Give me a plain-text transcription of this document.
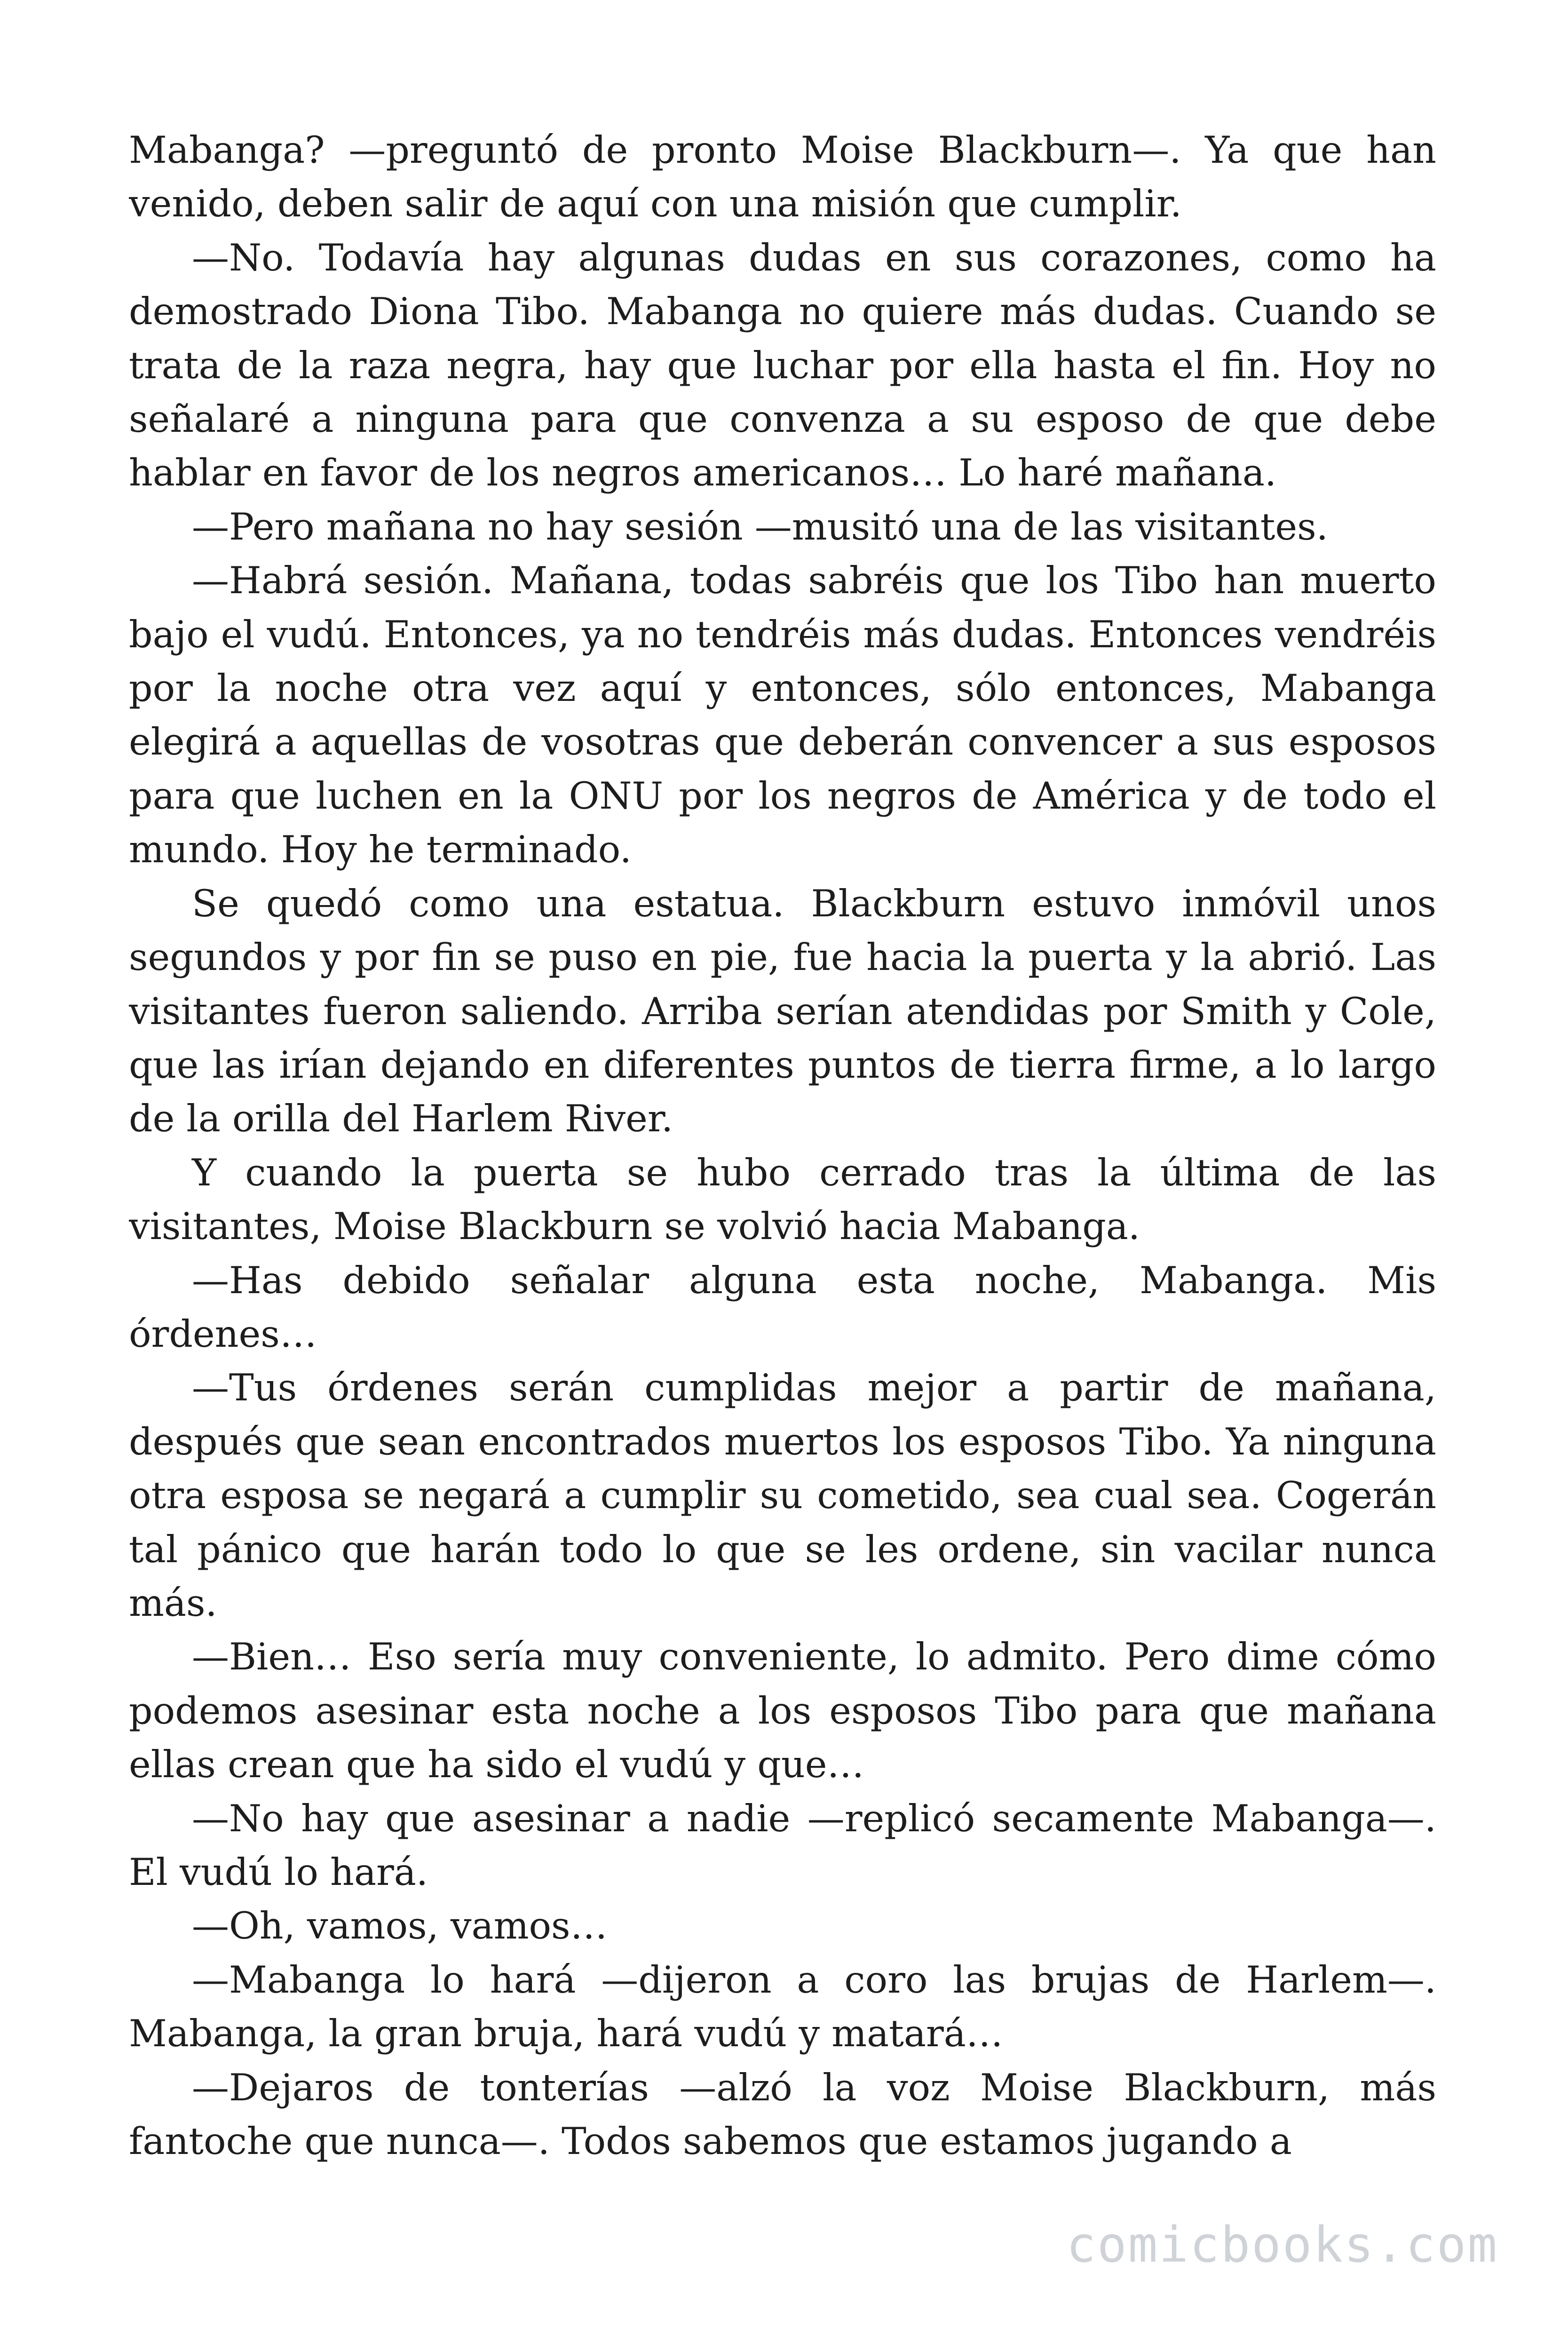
Mabanga? —preguntó de pronto Moise Blackburn—. Ya que han venido, deben salir de aquí con una misión que cumplir.

—No. Todavía hay algunas dudas en sus corazones, como ha demostrado Diona Tibo. Mabanga no quiere más dudas. Cuando se trata de la raza negra, hay que luchar por ella hasta el fin. Hoy no señalaré a ninguna para que convenza a su esposo de que debe hablar en favor de los negros americanos… Lo haré mañana.

—Pero mañana no hay sesión —musitó una de las visitantes.

—Habrá sesión. Mañana, todas sabréis que los Tibo han muerto bajo el vudú. Entonces, ya no tendréis más dudas. Entonces vendréis por la noche otra vez aquí y entonces, sólo entonces, Mabanga elegirá a aquellas de vosotras que deberán convencer a sus esposos para que luchen en la ONU por los negros de América y de todo el mundo. Hoy he terminado.

Se quedó como una estatua. Blackburn estuvo inmóvil unos segundos y por fin se puso en pie, fue hacia la puerta y la abrió. Las visitantes fueron saliendo. Arriba serían atendidas por Smith y Cole, que las irían dejando en diferentes puntos de tierra firme, a lo largo de la orilla del Harlem River.

Y cuando la puerta se hubo cerrado tras la última de las visitantes, Moise Blackburn se volvió hacia Mabanga.

—Has debido señalar alguna esta noche, Mabanga. Mis órdenes…

—Tus órdenes serán cumplidas mejor a partir de mañana, después que sean encontrados muertos los esposos Tibo. Ya ninguna otra esposa se negará a cumplir su cometido, sea cual sea. Cogerán tal pánico que harán todo lo que se les ordene, sin vacilar nunca más.

—Bien… Eso sería muy conveniente, lo admito. Pero dime cómo podemos asesinar esta noche a los esposos Tibo para que mañana ellas crean que ha sido el vudú y que…

—No hay que asesinar a nadie —replicó secamente Mabanga—. El vudú lo hará.

—Oh, vamos, vamos…

—Mabanga lo hará —dijeron a coro las brujas de Harlem—. Mabanga, la gran bruja, hará vudú y matará…

—Dejaros de tonterías —alzó la voz Moise Blackburn, más fantoche que nunca—. Todos sabemos que estamos jugando a

comicbooks.com
